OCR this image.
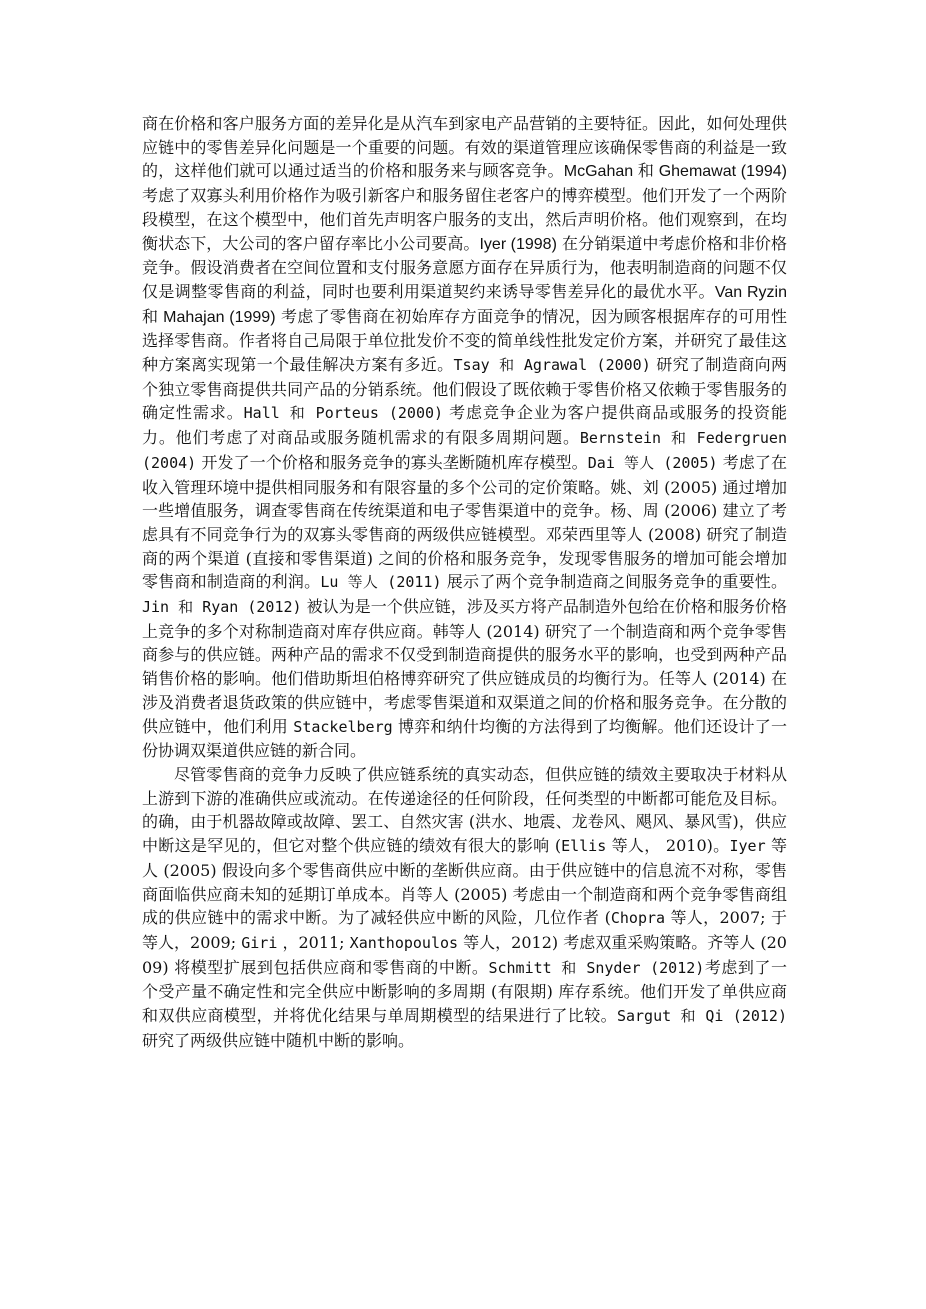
商在价格和客户服务方面的差异化是从汽车到家电产品营销的主要特征。因此，如何处理供应链中的零售差异化问题是一个重要的问题。有效的渠道管理应该确保零售商的利益是一致的，这样他们就可以通过适当的价格和服务来与顾客竞争。McGahan 和 Ghemawat (1994) 考虑了双寡头利用价格作为吸引新客户和服务留住老客户的博弈模型。他们开发了一个两阶段模型，在这个模型中，他们首先声明客户服务的支出，然后声明价格。他们观察到，在均衡状态下，大公司的客户留存率比小公司要高。Iyer (1998) 在分销渠道中考虑价格和非价格竞争。假设消费者在空间位置和支付服务意愿方面存在异质行为，他表明制造商的问题不仅仅是调整零售商的利益，同时也要利用渠道契约来诱导零售差异化的最优水平。Van Ryzin 和 Mahajan (1999) 考虑了零售商在初始库存方面竞争的情况，因为顾客根据库存的可用性选择零售商。作者将自己局限于单位批发价不变的简单线性批发定价方案，并研究了最佳这种方案离实现第一个最佳解决方案有多近。Tsay 和 Agrawal (2000) 研究了制造商向两个独立零售商提供共同产品的分销系统。他们假设了既依赖于零售价格又依赖于零售服务的确定性需求。Hall 和 Porteus (2000) 考虑竞争企业为客户提供商品或服务的投资能力。他们考虑了对商品或服务随机需求的有限多周期问题。Bernstein 和 Federgruen (2004) 开发了一个价格和服务竞争的寡头垄断随机库存模型。Dai 等人 (2005) 考虑了在收入管理环境中提供相同服务和有限容量的多个公司的定价策略。姚、刘 (2005) 通过增加一些增值服务，调查零售商在传统渠道和电子零售渠道中的竞争。杨、周 (2006) 建立了考虑具有不同竞争行为的双寡头零售商的两级供应链模型。邓荣西里等人 (2008) 研究了制造商的两个渠道 (直接和零售渠道) 之间的价格和服务竞争，发现零售服务的增加可能会增加零售商和制造商的利润。Lu 等人 (2011) 展示了两个竞争制造商之间服务竞争的重要性。Jin 和 Ryan (2012) 被认为是一个供应链，涉及买方将产品制造外包给在价格和服务价格上竞争的多个对称制造商对库存供应商。韩等人 (2014) 研究了一个制造商和两个竞争零售商参与的供应链。两种产品的需求不仅受到制造商提供的服务水平的影响，也受到两种产品销售价格的影响。他们借助斯坦伯格博弈研究了供应链成员的均衡行为。任等人 (2014) 在涉及消费者退货政策的供应链中，考虑零售渠道和双渠道之间的价格和服务竞争。在分散的供应链中，他们利用 Stackelberg 博弈和纳什均衡的方法得到了均衡解。他们还设计了一份协调双渠道供应链的新合同。

尽管零售商的竞争力反映了供应链系统的真实动态，但供应链的绩效主要取决于材料从上游到下游的准确供应或流动。在传递途径的任何阶段，任何类型的中断都可能危及目标。的确，由于机器故障或故障、罢工、自然灾害 (洪水、地震、龙卷风、飓风、暴风雪)，供应中断这是罕见的，但它对整个供应链的绩效有很大的影响 (Ellis 等人， 2010)。Iyer 等人 (2005) 假设向多个零售商供应中断的垄断供应商。由于供应链中的信息流不对称，零售商面临供应商未知的延期订单成本。肖等人 (2005) 考虑由一个制造商和两个竞争零售商组成的供应链中的需求中断。为了减轻供应中断的风险，几位作者 (Chopra 等人，2007; 于等人，2009; Giri ，2011; Xanthopoulos 等人，2012) 考虑双重采购策略。齐等人 (2009) 将模型扩展到包括供应商和零售商的中断。Schmitt 和 Snyder (2012)考虑到了一个受产量不确定性和完全供应中断影响的多周期 (有限期) 库存系统。他们开发了单供应商和双供应商模型，并将优化结果与单周期模型的结果进行了比较。Sargut 和 Qi (2012) 研究了两级供应链中随机中断的影响。
